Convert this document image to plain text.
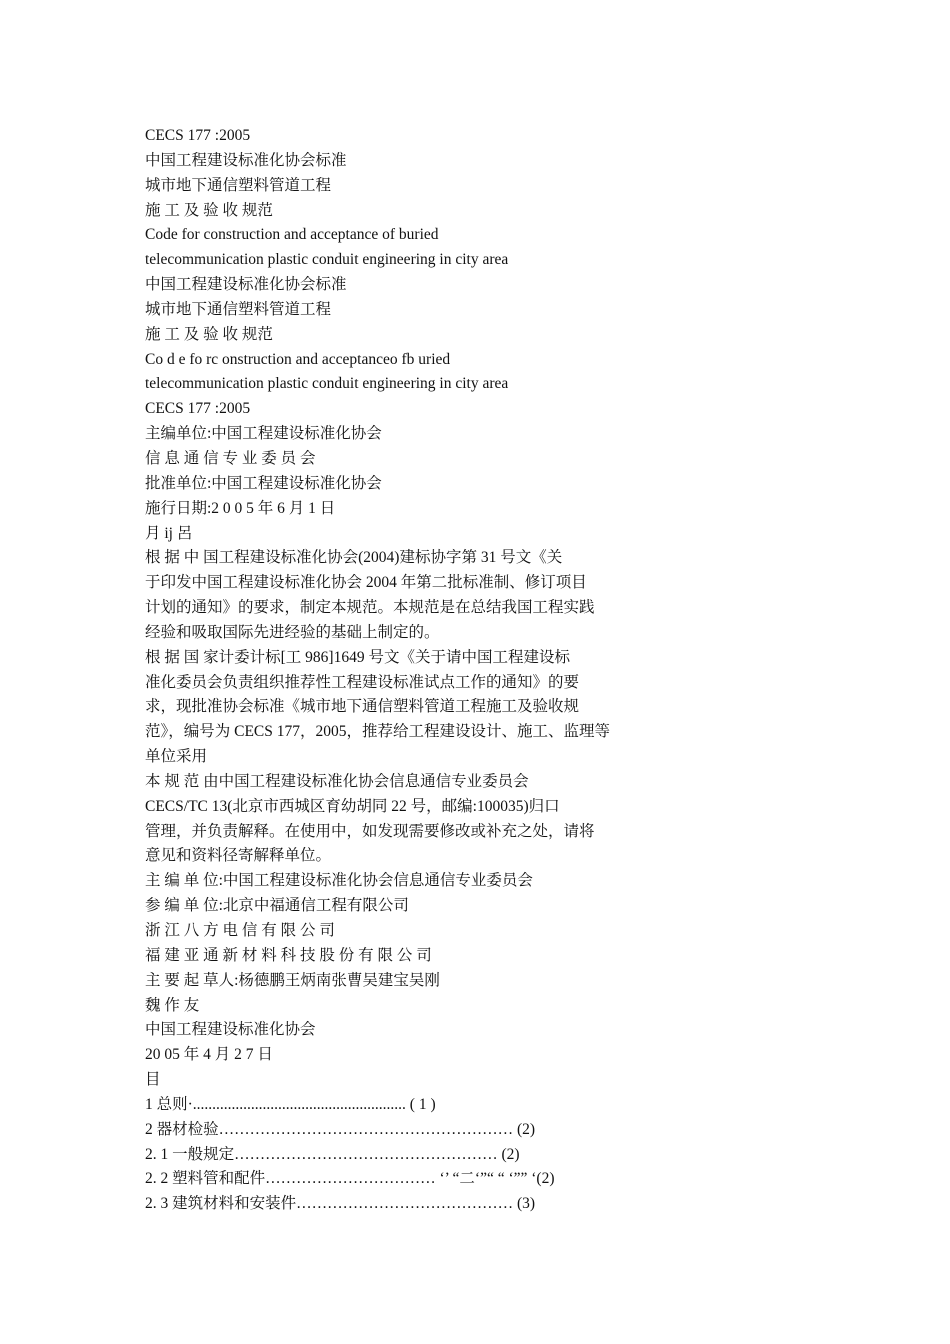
CECS 177 :2005
中国工程建设标准化协会标准
城市地下通信塑料管道工程
施 工 及 验 收 规范
Code for construction and acceptance of buried
telecommunication plastic conduit engineering in city area
中国工程建设标准化协会标准
城市地下通信塑料管道工程
施 工 及 验 收 规范
Co d e fo rc onstruction and acceptanceo fb uried
telecommunication plastic conduit engineering in city area
CECS 177 :2005
主编单位:中国工程建设标准化协会
信 息 通 信 专 业 委 员 会
批准单位:中国工程建设标准化协会
施行日期:2 0 0 5 年 6 月 1 日
月 ij 呂
根 据 中 国工程建设标准化协会(2004)建标协字第 31 号文《关
于印发中国工程建设标准化协会 2004 年第二批标准制、修订项目
计划的通知》的要求，制定本规范。本规范是在总结我国工程实践
经验和吸取国际先进经验的基础上制定的。
根 据 国 家计委计标[工 986]1649 号文《关于请中国工程建设标
准化委员会负责组织推荐性工程建设标准试点工作的通知》的要
求，现批准协会标准《城市地下通信塑料管道工程施工及验收规
范》，编号为 CECS 177，2005，推荐给工程建设设计、施工、监理等
单位采用
本 规 范 由中国工程建设标准化协会信息通信专业委员会
CECS/TC 13(北京市西城区育幼胡同 22 号，邮编:100035)归口
管理，并负责解释。在使用中，如发现需要修改或补充之处，请将
意见和资料径寄解释单位。
主 编 单 位:中国工程建设标准化协会信息通信专业委员会
参 编 单 位:北京中福通信工程有限公司
浙 江 八 方 电 信 有 限 公 司
福 建 亚 通 新 材 料 科 技 股 份 有 限 公 司
主 要 起 草人:杨德鹏王炳南张曹吴建宝吴刚
魏 作 友
中国工程建设标准化协会
20 05 年 4 月 2 7 日
目
1 总则·....................................................... ( 1 )
2 器材检验………………………………………………… (2)
2. 1 一般规定…………………………………………… (2)
2. 2 塑料管和配件…………………………… ‘’ “二‘”“ “ ‘”” ‘(2)
2. 3 建筑材料和安装件…………………………………… (3)
